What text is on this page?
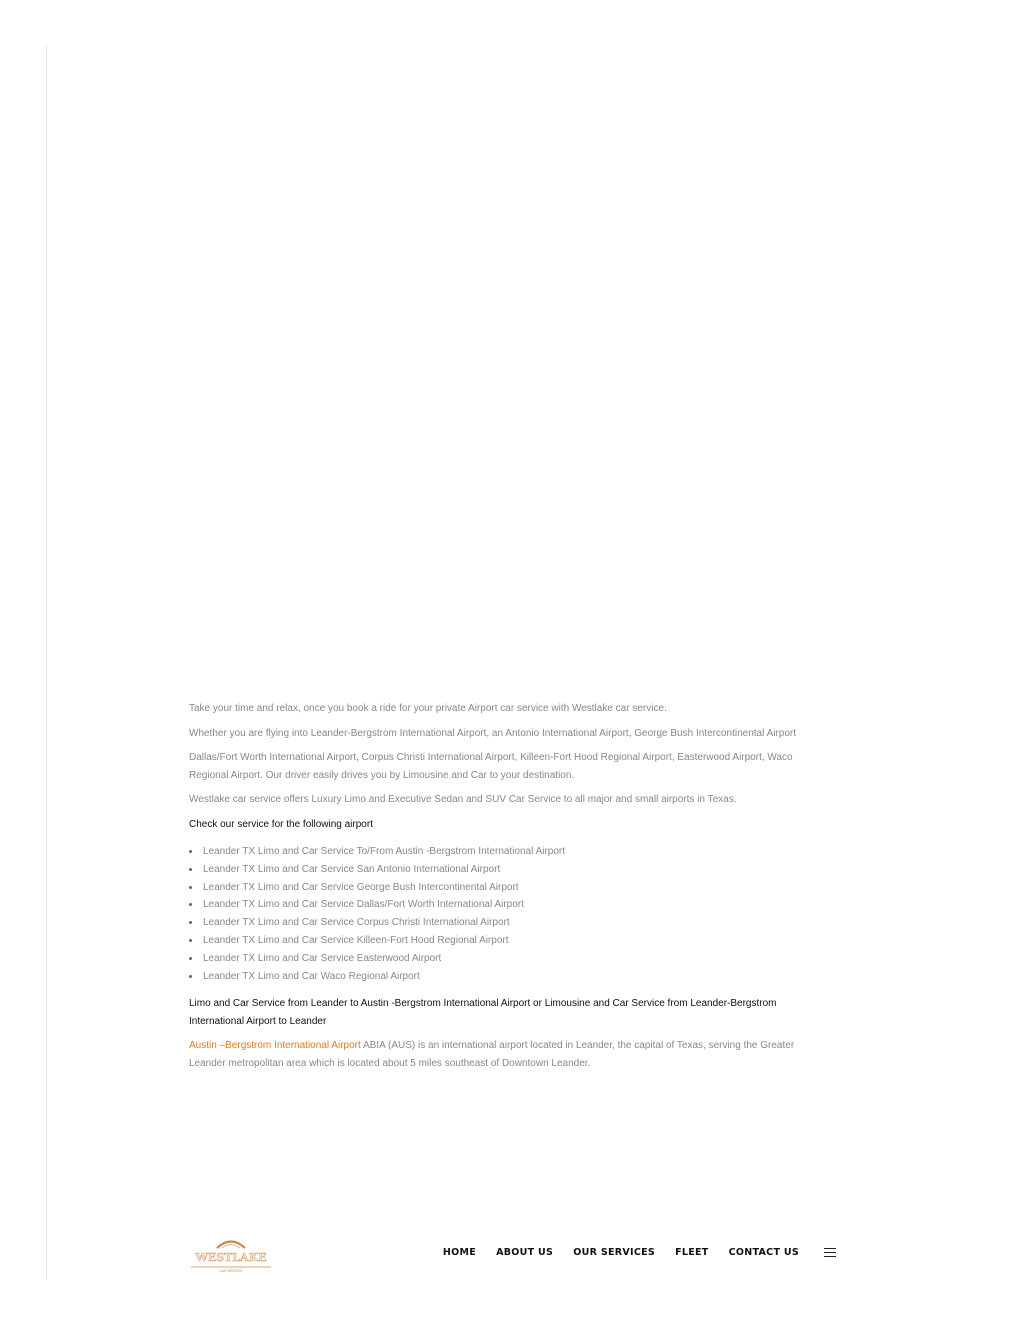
Take your time and relax, once you book a ride for your private Airport car service with Westlake car service.

Whether you are flying into Leander-Bergstrom International Airport, an Antonio International Airport, George Bush Intercontinental Airport

Dallas/Fort Worth International Airport, Corpus Christi International Airport, Killeen-Fort Hood Regional Airport, Easterwood Airport, Waco Regional Airport. Our driver easily drives you by Limousine and Car to your destination.

Westlake car service offers Luxury Limo and Executive Sedan and SUV Car Service to all major and small airports in Texas.

Check our service for the following airport

Leander TX Limo and Car Service To/From Austin -Bergstrom International Airport
Leander TX Limo and Car Service San Antonio International Airport
Leander TX Limo and Car Service George Bush Intercontinental Airport
Leander TX Limo and Car Service Dallas/Fort Worth International Airport
Leander TX Limo and Car Service Corpus Christi International Airport
Leander TX Limo and Car Service Killeen-Fort Hood Regional Airport
Leander TX Limo and Car Service Easterwood Airport
Leander TX Limo and Car Waco Regional Airport

Limo and Car Service from Leander to Austin -Bergstrom International Airport or Limousine and Car Service from Leander-Bergstrom International Airport to Leander

Austin –Bergstrom International Airport ABIA (AUS) is an international airport located in Leander, the capital of Texas, serving the Greater Leander metropolitan area which is located about 5 miles southeast of Downtown Leander.

WESTLAKE
CAR SERVICE
HOME ABOUT US OUR SERVICES FLEET CONTACT US
